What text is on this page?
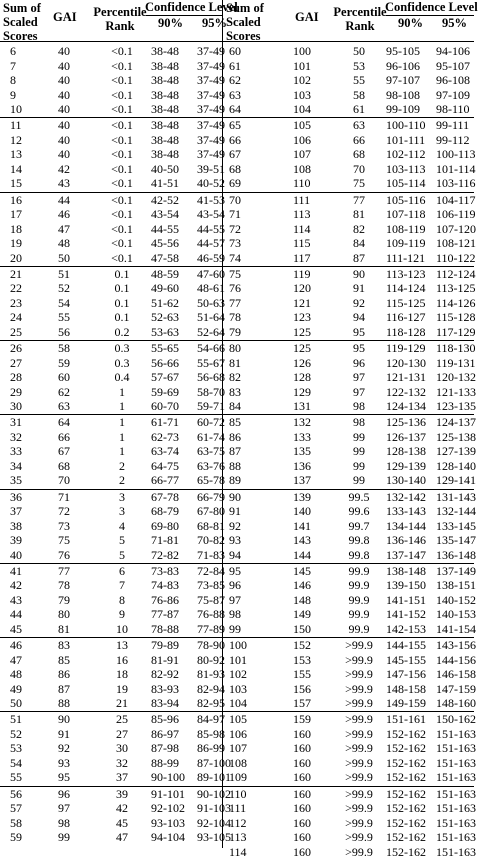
Sum of
Scaled
Scores
GAI Percentile
Rank
Confidence Level
90% 95%
Sum of
Scaled
Scores
GAI Percentile
Rank
Confidence Level
90% 95%
6	40	<0.1	38-48 37-49
7	40	<0.1	38-48 37-49
8	40	<0.1	38-48 37-49
9	40	<0.1	38-48 37-49
10	40	<0.1	38-48 37-49
11	40	<0.1	38-48 37-49
12	40	<0.1	38-48 37-49
13	40	<0.1	38-48 37-49
14	42	<0.1	40-50 39-51
15	43	<0.1	41-51 40-52
16	44	<0.1	42-52 41-53
17	46	<0.1	43-54 43-54
18	47	<0.1	44-55 44-55
19	48	<0.1	45-56 44-57
20	50	<0.1	47-58 46-59
21	51	0.1	48-59 47-60
22	52	0.1	49-60 48-61
23	54	0.1	51-62 50-63
24	55	0.1	52-63 51-64
25	56	0.2	53-63 52-64
26	58	0.3	55-65 54-66
27	59	0.3	56-66 55-67
28	60	0.4	57-67 56-68
29	62	1	59-69 58-70
30	63	1	60-70 59-71
31	64	1	61-71 60-72
32	66	1	62-73 61-74
33	67	1	63-74 63-75
34	68	2	64-75 63-76
35	70	2	66-77 65-78
36	71	3	67-78 66-79
37	72	3	68-79 67-80
38	73	4	69-80 68-81
39	75	5	71-81 70-82
40	76	5	72-82 71-83
41	77	6	73-83 72-84
42	78	7	74-83 73-85
43	79	8	76-86 75-87
44	80	9	77-87 76-88
45	81	10	78-88 77-89
46	83	13	79-89 78-90
47	85	16	81-91 80-92
48	86	18	82-92 81-93
49	87	19	83-93 82-94
50	88	21	83-94 82-95
51	90	25	85-96 84-97
52	91	27	86-97 85-98
53	92	30	87-98 86-99
54	93	32	88-99 87-100
55	95	37	90-100 89-101
56	96	39	91-101 90-102
57	97	42	92-102 91-103
58	98	45	93-103 92-104
59	99	47	94-104 93-105
60	100	50	95-105 94-106
61	101	53	96-106 95-107
62	102	55	97-107 96-108
63	103	58	98-108 97-109
64	104	61	99-109 98-110
65	105	63	100-110 99-111
66	106	66	101-111 99-112
67	107	68	102-112 100-113
68	108	70	103-113 101-114
69	110	75	105-114 103-116
70	111	77	105-116 104-117
71	113	81	107-118 106-119
72	114	82	108-119 107-120
73	115	84	109-119 108-121
74	117	87	111-121 110-122
75	119	90	113-123 112-124
76	120	91	114-124 113-125
77	121	92	115-125 114-126
78	123	94	116-127 115-128
79	125	95	118-128 117-129
80	125	95	119-129 118-130
81	126	96	120-130 119-131
82	128	97	121-131 120-132
83	129	97	122-132 121-133
84	131	98	124-134 123-135
85	132	98	125-136 124-137
86	133	99	126-137 125-138
87	135	99	128-138 127-139
88	136	99	129-139 128-140
89	137	99	130-140 129-141
90	139	99.5	132-142 131-143
91	140	99.6	133-143 132-144
92	141	99.7	134-144 133-145
93	143	99.8	136-146 135-147
94	144	99.8	137-147 136-148
95	145	99.9	138-148 137-149
96	146	99.9	139-150 138-151
97	148	99.9	141-151 140-152
98	149	99.9	141-152 140-153
99	150	99.9	142-153 141-154
100	152	>99.9	144-155 143-156
101	153	>99.9	145-155 144-156
102	155	>99.9	147-156 146-158
103	156	>99.9	148-158 147-159
104	157	>99.9	149-159 148-160
105	159	>99.9	151-161 150-162
106	160	>99.9	152-162 151-163
107	160	>99.9	152-162 151-163
108	160	>99.9	152-162 151-163
109	160	>99.9	152-162 151-163
110	160	>99.9	152-162 151-163
111	160	>99.9	152-162 151-163
112	160	>99.9	152-162 151-163
113	160	>99.9	152-162 151-163
114	160	>99.9	152-162 151-163
